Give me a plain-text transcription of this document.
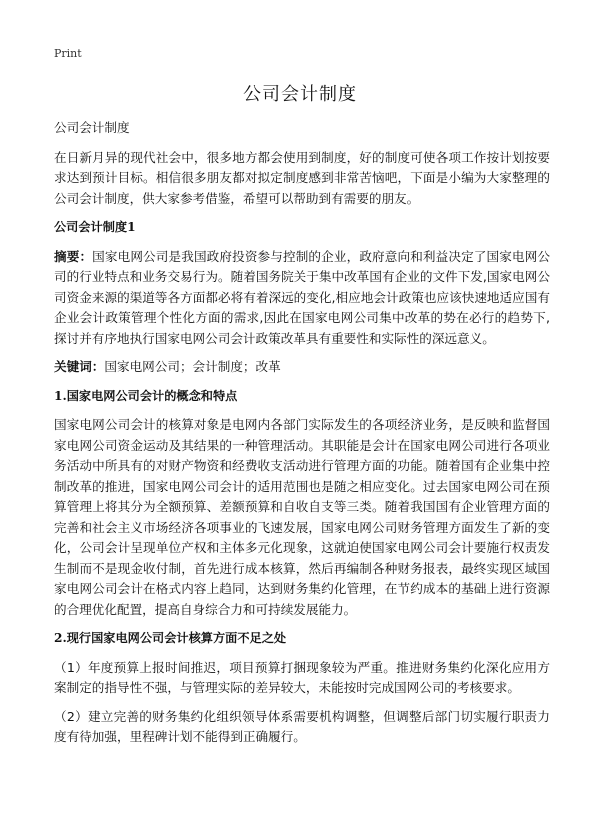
Print
公司会计制度

公司会计制度

在日新月异的现代社会中，很多地方都会使用到制度，好的制度可使各项工作按计划按要求达到预计目标。相信很多朋友都对拟定制度感到非常苦恼吧，下面是小编为大家整理的公司会计制度，供大家参考借鉴，希望可以帮助到有需要的朋友。

公司会计制度1

摘要：国家电网公司是我国政府投资参与控制的企业，政府意向和利益决定了国家电网公司的行业特点和业务交易行为。随着国务院关于集中改革国有企业的文件下发,国家电网公司资金来源的渠道等各方面都必将有着深远的变化,相应地会计政策也应该快速地适应国有企业会计政策管理个性化方面的需求,因此在国家电网公司集中改革的势在必行的趋势下,探讨并有序地执行国家电网公司会计政策改革具有重要性和实际性的深远意义。

关键词：国家电网公司；会计制度；改革

1.国家电网公司会计的概念和特点

国家电网公司会计的核算对象是电网内各部门实际发生的各项经济业务，是反映和监督国家电网公司资金运动及其结果的一种管理活动。其职能是会计在国家电网公司进行各项业务活动中所具有的对财产物资和经费收支活动进行管理方面的功能。随着国有企业集中控制改革的推进，国家电网公司会计的适用范围也是随之相应变化。过去国家电网公司在预算管理上将其分为全额预算、差额预算和自收自支等三类。随着我国国有企业管理方面的完善和社会主义市场经济各项事业的飞速发展，国家电网公司财务管理方面发生了新的变化，公司会计呈现单位产权和主体多元化现象，这就迫使国家电网公司会计要施行权责发生制而不是现金收付制，首先进行成本核算，然后再编制各种财务报表，最终实现区域国家电网公司会计在格式内容上趋同，达到财务集约化管理，在节约成本的基础上进行资源的合理优化配置，提高自身综合力和可持续发展能力。

2.现行国家电网公司会计核算方面不足之处

（1）年度预算上报时间推迟，项目预算打捆现象较为严重。推进财务集约化深化应用方案制定的指导性不强，与管理实际的差异较大，未能按时完成国网公司的考核要求。

（2）建立完善的财务集约化组织领导体系需要机构调整，但调整后部门切实履行职责力度有待加强，里程碑计划不能得到正确履行。
